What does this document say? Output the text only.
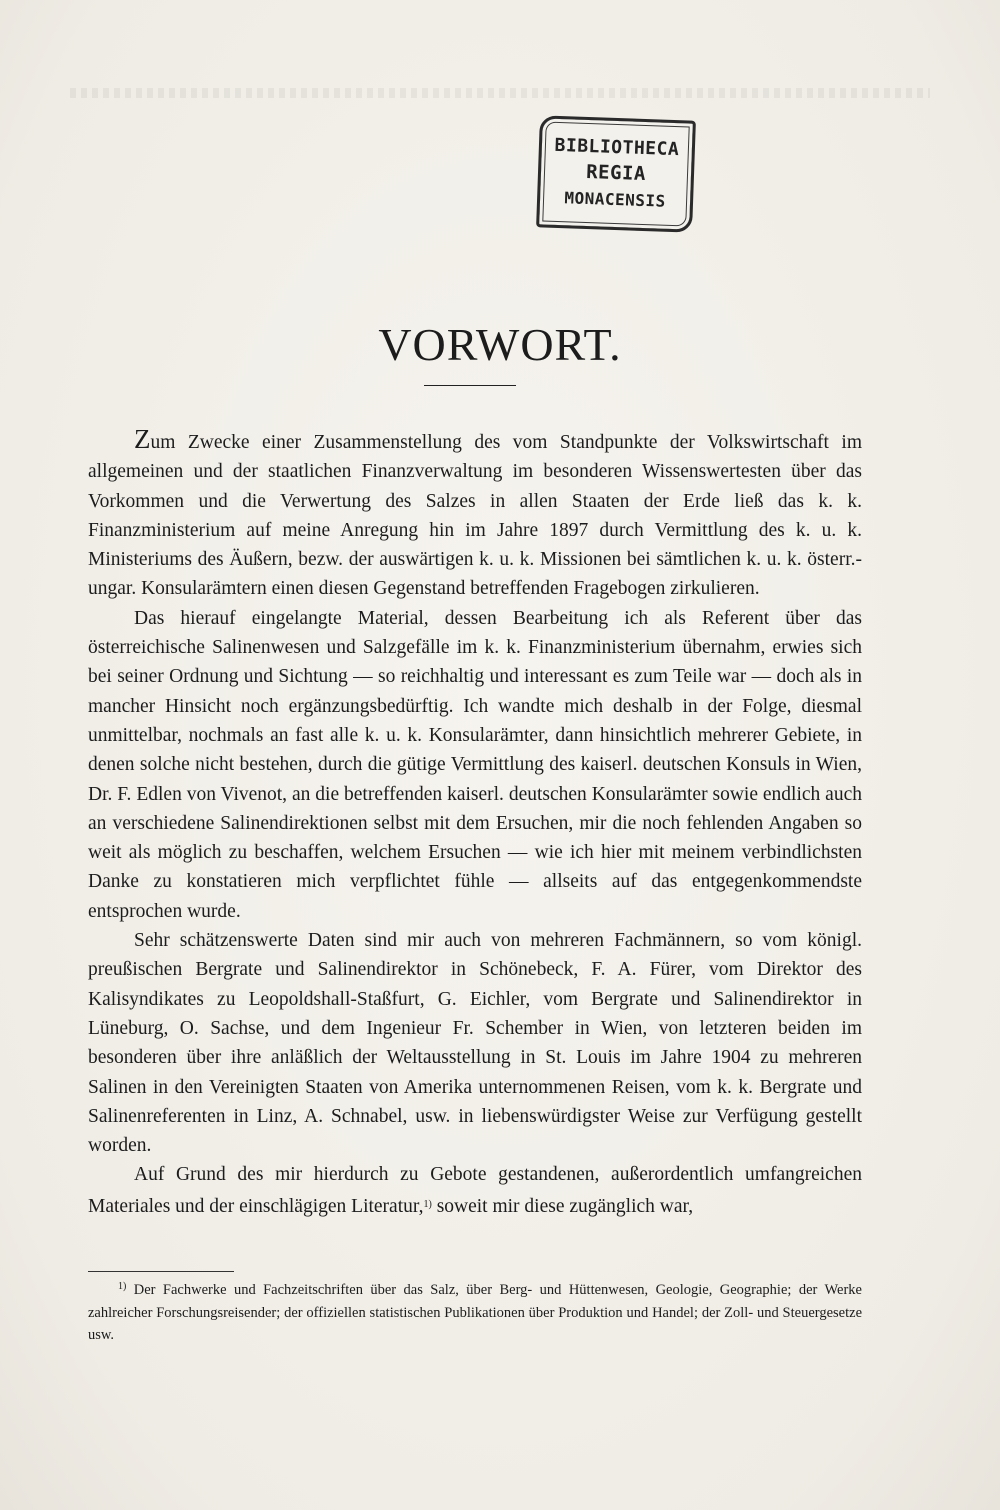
BIBLIOTHECA
REGIA
MONACENSIS
VORWORT.

Zum Zwecke einer Zusammenstellung des vom Standpunkte der Volkswirtschaft im allgemeinen und der staatlichen Finanzverwaltung im besonderen Wissenswertesten über das Vorkommen und die Verwertung des Salzes in allen Staaten der Erde ließ das k. k. Finanzministerium auf meine Anregung hin im Jahre 1897 durch Vermittlung des k. u. k. Ministeriums des Äußern, bezw. der auswärtigen k. u. k. Missionen bei sämtlichen k. u. k. österr.-ungar. Konsularämtern einen diesen Gegenstand betreffenden Fragebogen zirkulieren.

Das hierauf eingelangte Material, dessen Bearbeitung ich als Referent über das österreichische Salinenwesen und Salzgefälle im k. k. Finanzministerium übernahm, erwies sich bei seiner Ordnung und Sichtung — so reichhaltig und interessant es zum Teile war — doch als in mancher Hinsicht noch ergänzungsbedürftig. Ich wandte mich deshalb in der Folge, diesmal unmittelbar, nochmals an fast alle k. u. k. Konsularämter, dann hinsichtlich mehrerer Gebiete, in denen solche nicht bestehen, durch die gütige Vermittlung des kaiserl. deutschen Konsuls in Wien, Dr. F. Edlen von Vivenot, an die betreffenden kaiserl. deutschen Konsularämter sowie endlich auch an verschiedene Salinendirektionen selbst mit dem Ersuchen, mir die noch fehlenden Angaben so weit als möglich zu beschaffen, welchem Ersuchen — wie ich hier mit meinem verbindlichsten Danke zu konstatieren mich verpflichtet fühle — allseits auf das entgegenkommendste entsprochen wurde.

Sehr schätzenswerte Daten sind mir auch von mehreren Fachmännern, so vom königl. preußischen Bergrate und Salinendirektor in Schönebeck, F. A. Fürer, vom Direktor des Kalisyndikates zu Leopoldshall-Staßfurt, G. Eichler, vom Bergrate und Salinendirektor in Lüneburg, O. Sachse, und dem Ingenieur Fr. Schember in Wien, von letzteren beiden im besonderen über ihre anläßlich der Weltausstellung in St. Louis im Jahre 1904 zu mehreren Salinen in den Vereinigten Staaten von Amerika unternommenen Reisen, vom k. k. Bergrate und Salinenreferenten in Linz, A. Schnabel, usw. in liebenswürdigster Weise zur Verfügung gestellt worden.

Auf Grund des mir hierdurch zu Gebote gestandenen, außerordentlich umfangreichen Materiales und der einschlägigen Literatur,$^{1)}$ soweit mir diese zugänglich war,

$^{1)}$ Der Fachwerke und Fachzeitschriften über das Salz, über Berg- und Hüttenwesen, Geologie, Geographie; der Werke zahlreicher Forschungsreisender; der offiziellen statistischen Publikationen über Produktion und Handel; der Zoll- und Steuergesetze usw.
